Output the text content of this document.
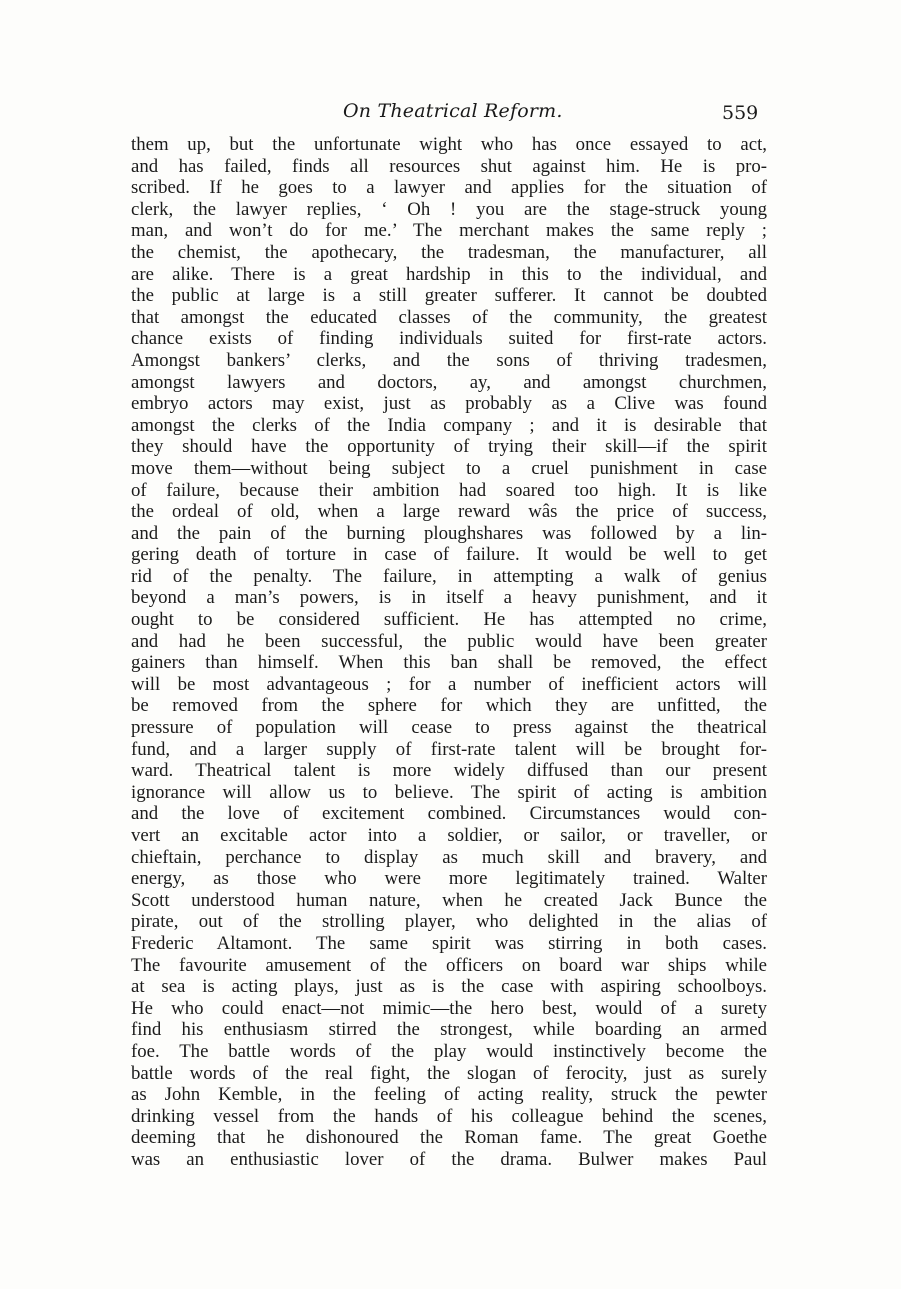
On Theatrical Reform.	559
them up, but the unfortunate wight who has once essayed to act,
and has failed, finds all resources shut against him. He is pro-
scribed. If he goes to a lawyer and applies for the situation of
clerk, the lawyer replies, ‘ Oh ! you are the stage-struck young
man, and won’t do for me.’ The merchant makes the same reply ;
the chemist, the apothecary, the tradesman, the manufacturer, all
are alike. There is a great hardship in this to the individual, and
the public at large is a still greater sufferer. It cannot be doubted
that amongst the educated classes of the community, the greatest
chance exists of finding individuals suited for first-rate actors.
Amongst bankers’ clerks, and the sons of thriving tradesmen,
amongst lawyers and doctors, ay, and amongst churchmen,
embryo actors may exist, just as probably as a Clive was found
amongst the clerks of the India company ; and it is desirable that
they should have the opportunity of trying their skill—if the spirit
move them—without being subject to a cruel punishment in case
of failure, because their ambition had soared too high. It is like
the ordeal of old, when a large reward wâs the price of success,
and the pain of the burning ploughshares was followed by a lin-
gering death of torture in case of failure. It would be well to get
rid of the penalty. The failure, in attempting a walk of genius
beyond a man’s powers, is in itself a heavy punishment, and it
ought to be considered sufficient. He has attempted no crime,
and had he been successful, the public would have been greater
gainers than himself. When this ban shall be removed, the effect
will be most advantageous ; for a number of inefficient actors will
be removed from the sphere for which they are unfitted, the
pressure of population will cease to press against the theatrical
fund, and a larger supply of first-rate talent will be brought for-
ward. Theatrical talent is more widely diffused than our present
ignorance will allow us to believe. The spirit of acting is ambition
and the love of excitement combined. Circumstances would con-
vert an excitable actor into a soldier, or sailor, or traveller, or
chieftain, perchance to display as much skill and bravery, and
energy, as those who were more legitimately trained. Walter
Scott understood human nature, when he created Jack Bunce the
pirate, out of the strolling player, who delighted in the alias of
Frederic Altamont. The same spirit was stirring in both cases.
The favourite amusement of the officers on board war ships while
at sea is acting plays, just as is the case with aspiring schoolboys.
He who could enact—not mimic—the hero best, would of a surety
find his enthusiasm stirred the strongest, while boarding an armed
foe. The battle words of the play would instinctively become the
battle words of the real fight, the slogan of ferocity, just as surely
as John Kemble, in the feeling of acting reality, struck the pewter
drinking vessel from the hands of his colleague behind the scenes,
deeming that he dishonoured the Roman fame. The great Goethe
was an enthusiastic lover of the drama. Bulwer makes Paul
